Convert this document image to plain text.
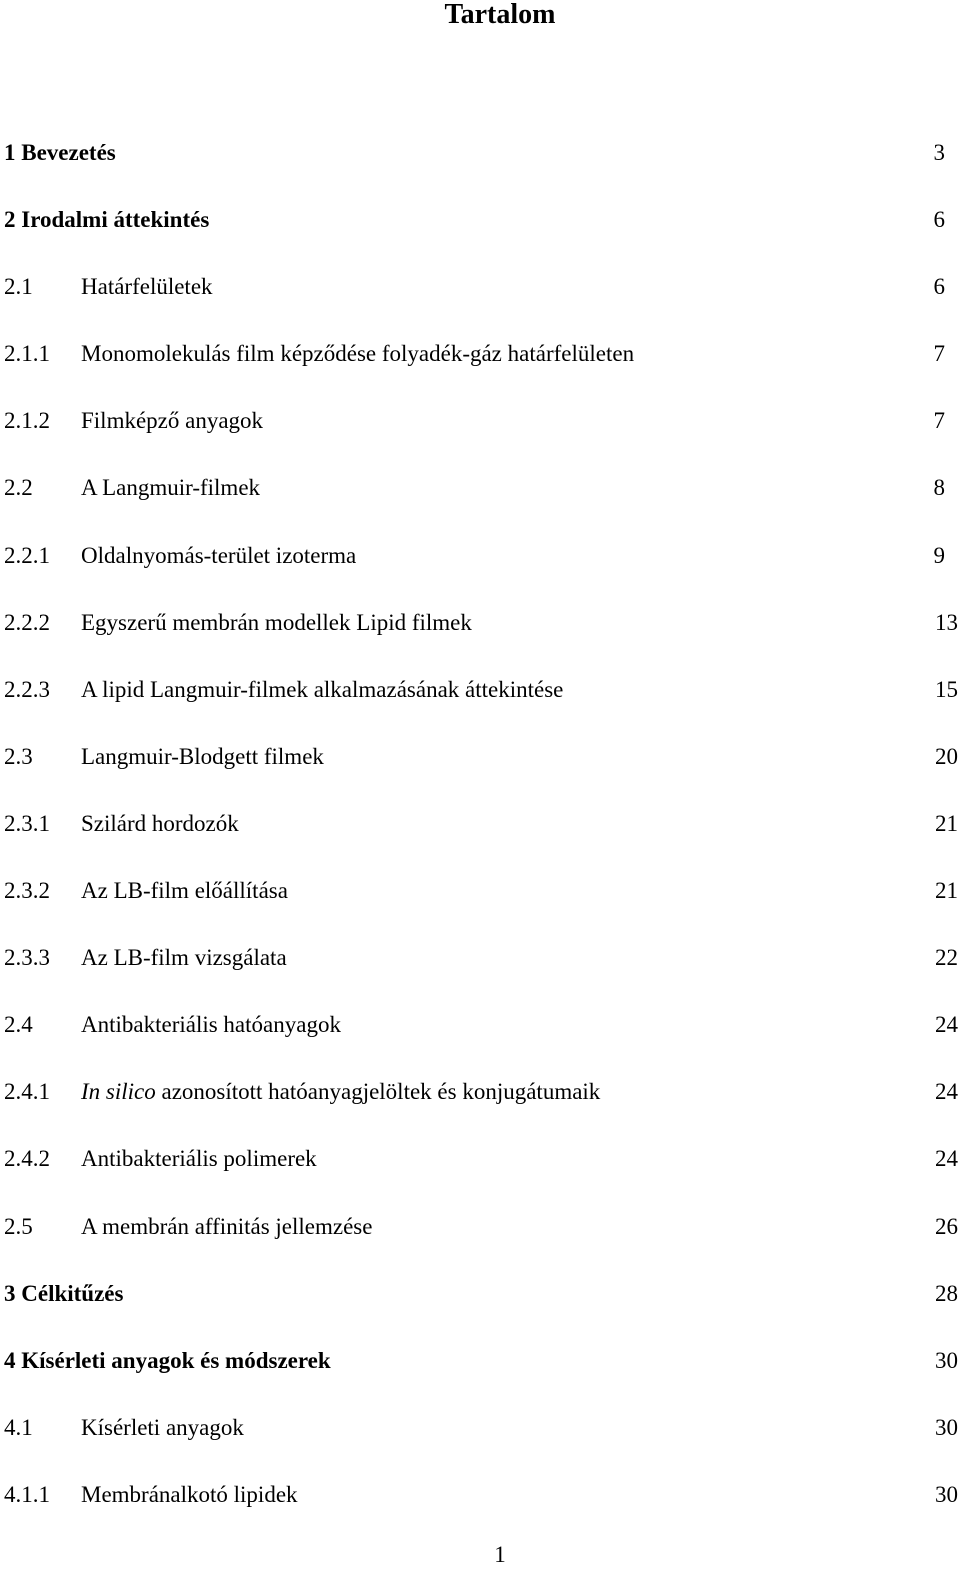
Tartalom
1 Bevezetés	3
2 Irodalmi áttekintés	6
2.1 Határfelületek	6
2.1.1 Monomolekulás film képződése folyadék-gáz határfelületen	7
2.1.2 Filmképző anyagok	7
2.2 A Langmuir-filmek	8
2.2.1 Oldalnyomás-terület izoterma	9
2.2.2 Egyszerű membrán modellek Lipid filmek	13
2.2.3 A lipid Langmuir-filmek alkalmazásának áttekintése	15
2.3 Langmuir-Blodgett filmek	20
2.3.1 Szilárd hordozók	21
2.3.2 Az LB-film előállítása	21
2.3.3 Az LB-film vizsgálata	22
2.4 Antibakteriális hatóanyagok	24
2.4.1 In silico azonosított hatóanyagjelöltek és konjugátumaik	24
2.4.2 Antibakteriális polimerek	24
2.5 A membrán affinitás jellemzése	26
3 Célkitűzés	28
4 Kísérleti anyagok és módszerek	30
4.1 Kísérleti anyagok	30
4.1.1 Membránalkotó lipidek	30
1
